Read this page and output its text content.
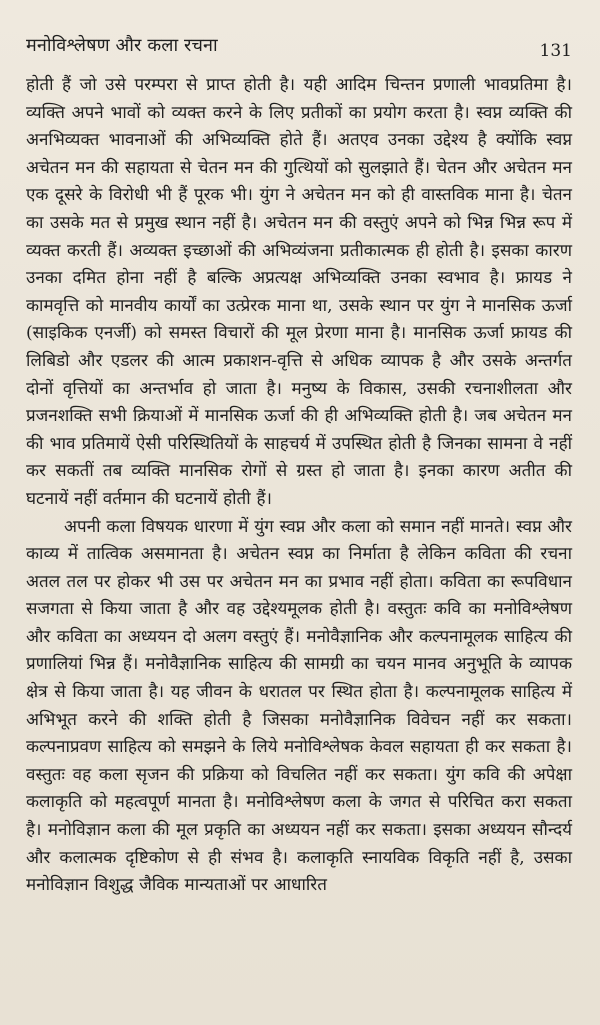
मनोविश्लेषण और कला रचना	131

होती हैं जो उसे परम्परा से प्राप्त होती है। यही आदिम चिन्तन प्रणाली भावप्रतिमा है। व्यक्ति अपने भावों को व्यक्त करने के लिए प्रतीकों का प्रयोग करता है। स्वप्न व्यक्ति की अनभिव्यक्त भावनाओं की अभिव्यक्ति होते हैं। अतएव उनका उद्देश्य है क्योंकि स्वप्न अचेतन मन की सहायता से चेतन मन की गुत्थियों को सुलझाते हैं। चेतन और अचेतन मन एक दूसरे के विरोधी भी हैं पूरक भी। युंग ने अचेतन मन को ही वास्तविक माना है। चेतन का उसके मत से प्रमुख स्थान नहीं है। अचेतन मन की वस्तुएं अपने को भिन्न भिन्न रूप में व्यक्त करती हैं। अव्यक्त इच्छाओं की अभिव्यंजना प्रतीकात्मक ही होती है। इसका कारण उनका दमित होना नहीं है बल्कि अप्रत्यक्ष अभिव्यक्ति उनका स्वभाव है। फ्रायड ने कामवृत्ति को मानवीय कार्यों का उत्प्रेरक माना था, उसके स्थान पर युंग ने मानसिक ऊर्जा (साइकिक एनर्जी) को समस्त विचारों की मूल प्रेरणा माना है। मानसिक ऊर्जा फ्रायड की लिबिडो और एडलर की आत्म प्रकाशन-वृत्ति से अधिक व्यापक है और उसके अन्तर्गत दोनों वृत्तियों का अन्तर्भाव हो जाता है। मनुष्य के विकास, उसकी रचनाशीलता और प्रजनशक्ति सभी क्रियाओं में मानसिक ऊर्जा की ही अभिव्यक्ति होती है। जब अचेतन मन की भाव प्रतिमायें ऐसी परिस्थितियों के साहचर्य में उपस्थित होती है जिनका सामना वे नहीं कर सकतीं तब व्यक्ति मानसिक रोगों से ग्रस्त हो जाता है। इनका कारण अतीत की घटनायें नहीं वर्तमान की घटनायें होती हैं।

अपनी कला विषयक धारणा में युंग स्वप्न और कला को समान नहीं मानते। स्वप्न और काव्य में तात्विक असमानता है। अचेतन स्वप्न का निर्माता है लेकिन कविता की रचना अतल तल पर होकर भी उस पर अचेतन मन का प्रभाव नहीं होता। कविता का रूपविधान सजगता से किया जाता है और वह उद्देश्यमूलक होती है। वस्तुतः कवि का मनोविश्लेषण और कविता का अध्ययन दो अलग वस्तुएं हैं। मनोवैज्ञानिक और कल्पनामूलक साहित्य की प्रणालियां भिन्न हैं। मनोवैज्ञानिक साहित्य की सामग्री का चयन मानव अनुभूति के व्यापक क्षेत्र से किया जाता है। यह जीवन के धरातल पर स्थित होता है। कल्पनामूलक साहित्य में अभिभूत करने की शक्ति होती है जिसका मनोवैज्ञानिक विवेचन नहीं कर सकता। कल्पनाप्रवण साहित्य को समझने के लिये मनोविश्लेषक केवल सहायता ही कर सकता है। वस्तुतः वह कला सृजन की प्रक्रिया को विचलित नहीं कर सकता। युंग कवि की अपेक्षा कलाकृति को महत्वपूर्ण मानता है। मनोविश्लेषण कला के जगत से परिचित करा सकता है। मनोविज्ञान कला की मूल प्रकृति का अध्ययन नहीं कर सकता। इसका अध्ययन सौन्दर्य और कलात्मक दृष्टिकोण से ही संभव है। कलाकृति स्नायविक विकृति नहीं है, उसका मनोविज्ञान विशुद्ध जैविक मान्यताओं पर आधारित
